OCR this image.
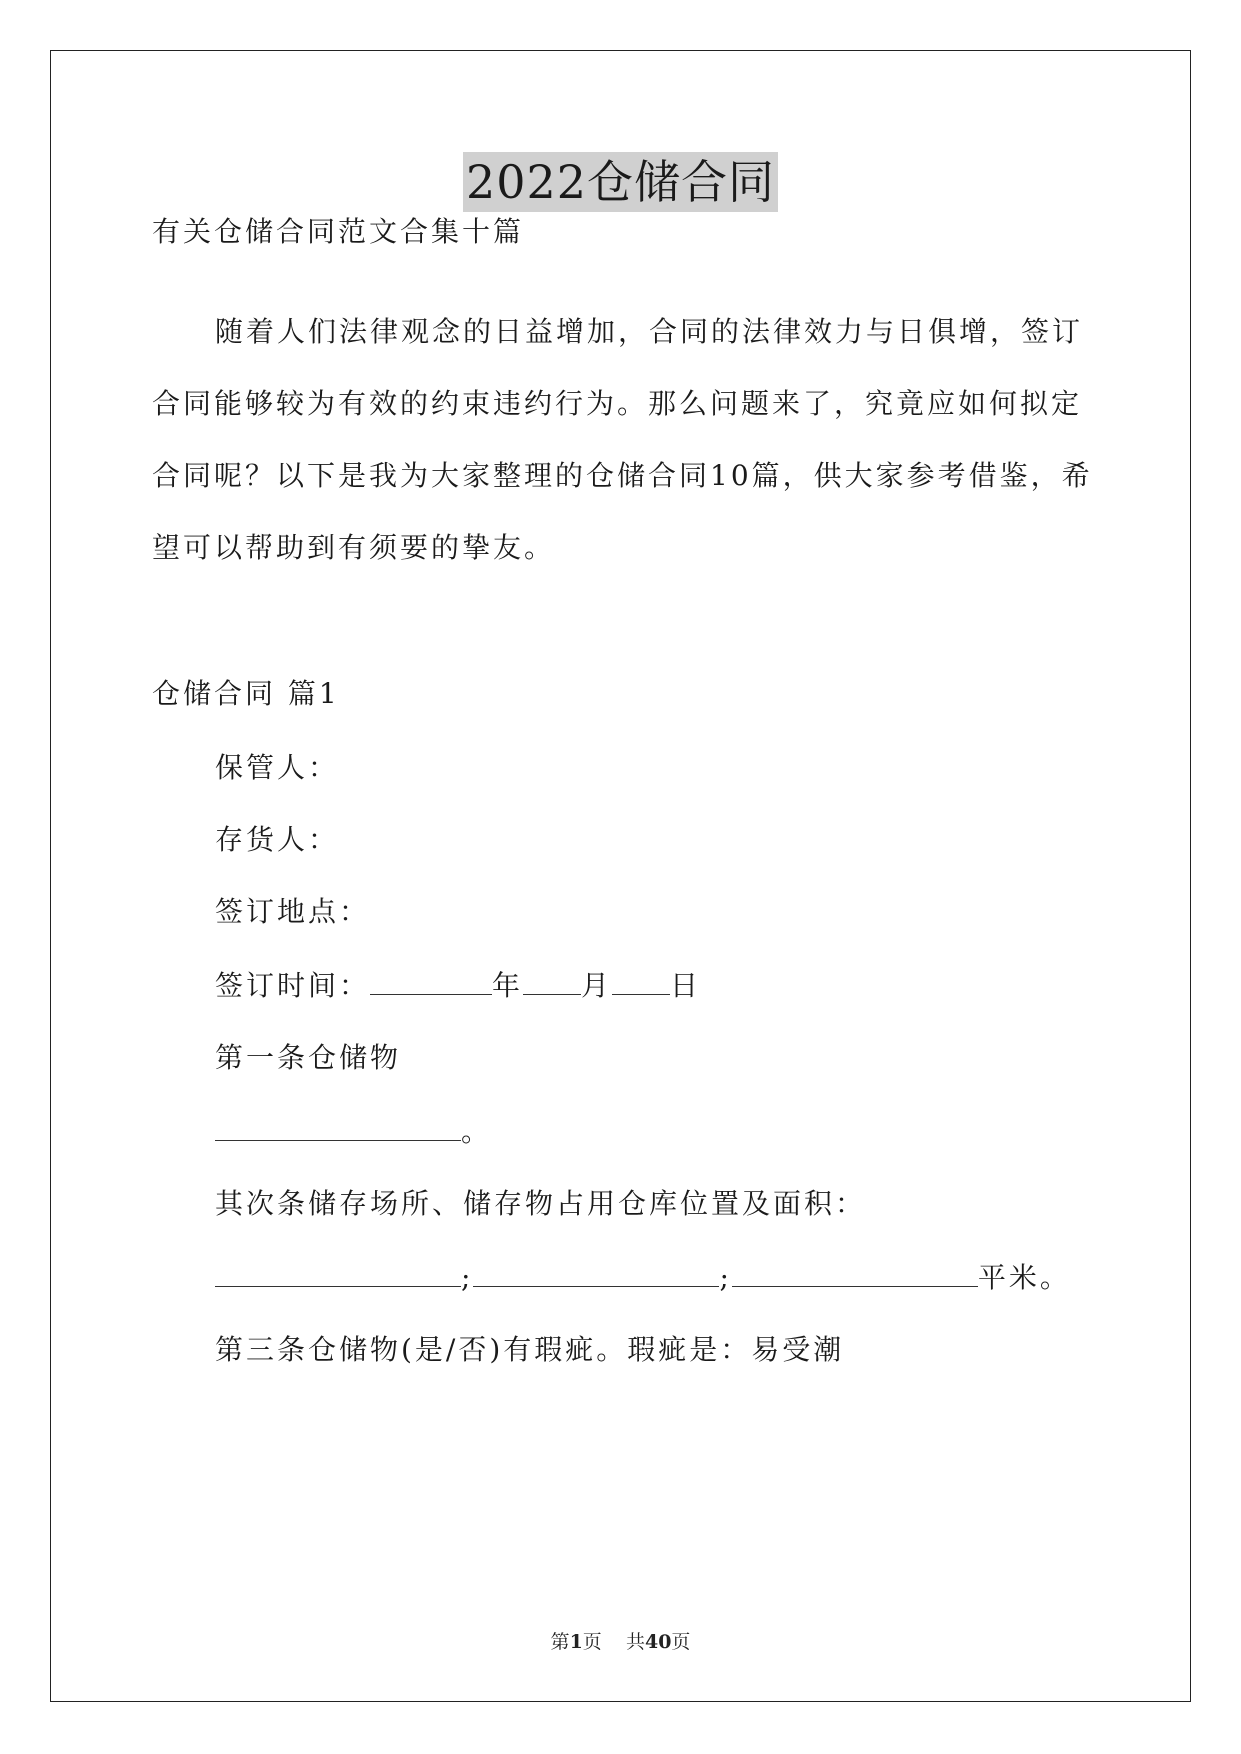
2022仓储合同

有关仓储合同范文合集十篇

随着人们法律观念的日益增加，合同的法律效力与日俱增，签订

合同能够较为有效的约束违约行为。那么问题来了，究竟应如何拟定

合同呢？以下是我为大家整理的仓储合同10篇，供大家参考借鉴，希

望可以帮助到有须要的挚友。

仓储合同 篇1

保管人：

存货人：

签订地点：

签订时间：	年 月 日

第一条仓储物

。

其次条储存场所、储存物占用仓库位置及面积：

;	;	平米。

第三条仓储物(是/否)有瑕疵。瑕疵是：易受潮

第1页    共40页
